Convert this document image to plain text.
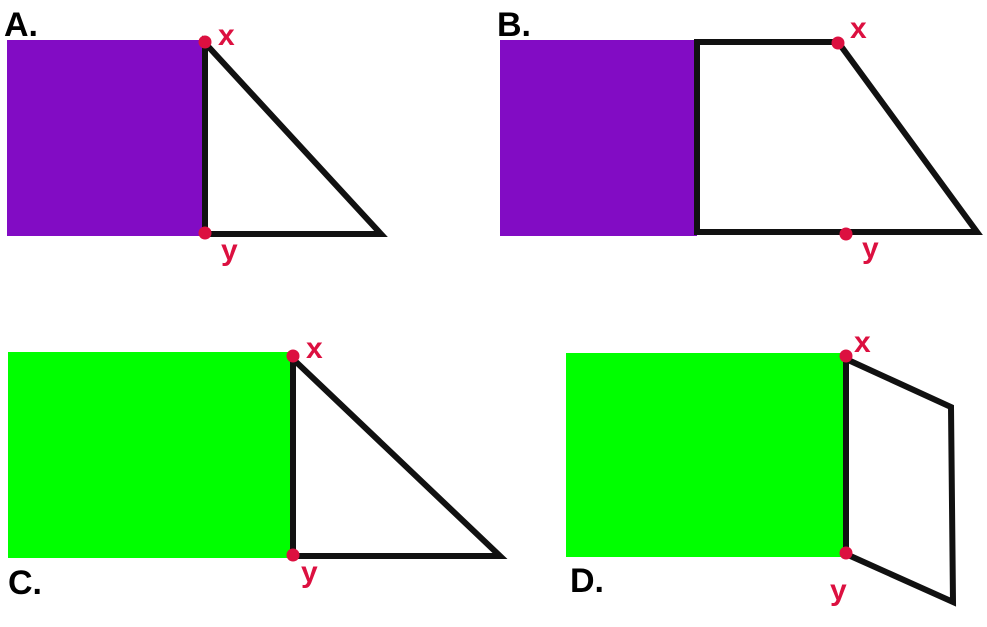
A.	x
y
B.	x
y
C.
x
y	D.
x
y
